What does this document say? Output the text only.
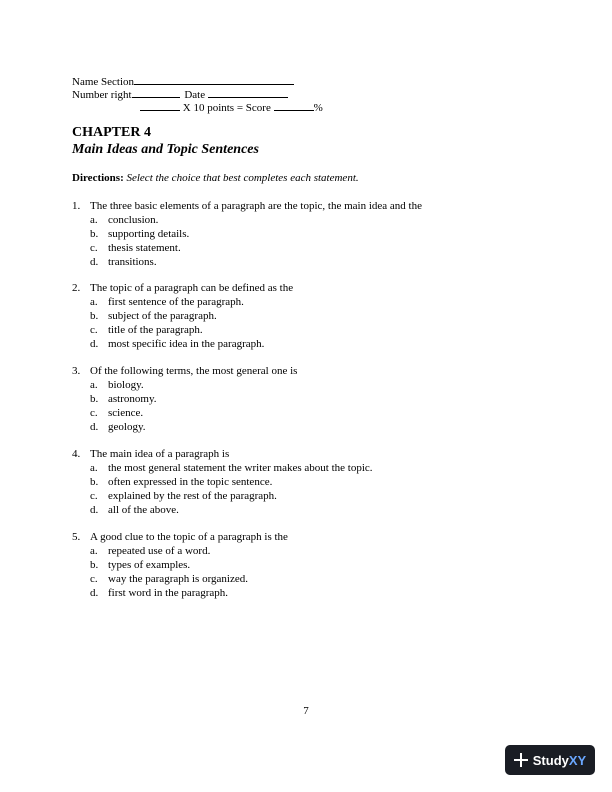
Name Section
Number right	Date
X 10 points = Score	%
CHAPTER 4
Main Ideas and Topic Sentences
Directions: Select the choice that best completes each statement.
1. The three basic elements of a paragraph are the topic, the main idea and the
a. conclusion.
b. supporting details.
c. thesis statement.
d. transitions.
2. The topic of a paragraph can be defined as the
a. first sentence of the paragraph.
b. subject of the paragraph.
c. title of the paragraph.
d. most specific idea in the paragraph.
3. Of the following terms, the most general one is
a. biology.
b. astronomy.
c. science.
d. geology.
4. The main idea of a paragraph is
a. the most general statement the writer makes about the topic.
b. often expressed in the topic sentence.
c. explained by the rest of the paragraph.
d. all of the above.
5. A good clue to the topic of a paragraph is the
a. repeated use of a word.
b. types of examples.
c. way the paragraph is organized.
d. first word in the paragraph.
7
Study XY
